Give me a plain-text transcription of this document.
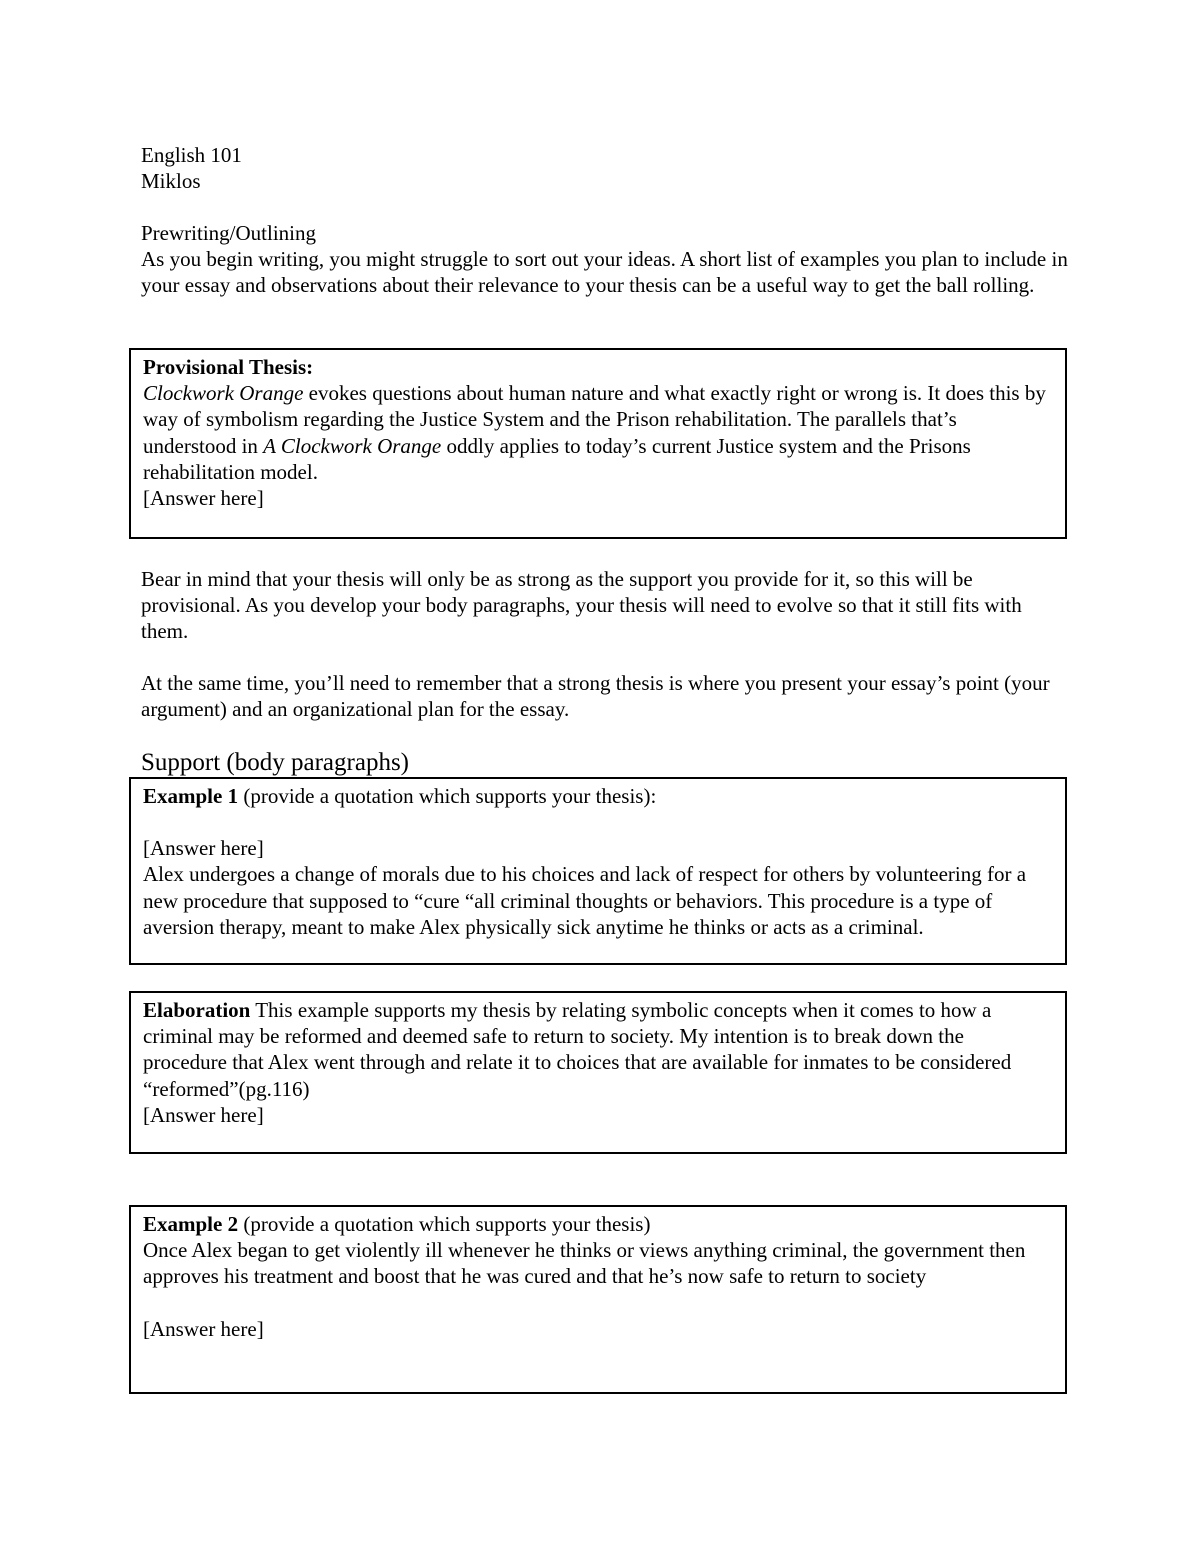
English 101
Miklos
Prewriting/Outlining
As you begin writing, you might struggle to sort out your ideas. A short list of examples you plan to include in your essay and observations about their relevance to your thesis can be a useful way to get the ball rolling.

Provisional Thesis:
Clockwork Orange evokes questions about human nature and what exactly right or wrong is. It does this by way of symbolism regarding the Justice System and the Prison rehabilitation. The parallels that’s understood in A Clockwork Orange oddly applies to today’s current Justice system and the Prisons rehabilitation model.

[Answer here]

Bear in mind that your thesis will only be as strong as the support you provide for it, so this will be provisional. As you develop your body paragraphs, your thesis will need to evolve so that it still fits with them.
At the same time, you’ll need to remember that a strong thesis is where you present your essay’s point (your argument) and an organizational plan for the essay.
Support (body paragraphs)

Example 1 (provide a quotation which supports your thesis):

[Answer here]

Alex undergoes a change of morals due to his choices and lack of respect for others by volunteering for a new procedure that supposed to “cure “all criminal thoughts or behaviors. This procedure is a type of aversion therapy, meant to make Alex physically sick anytime he thinks or acts as a criminal.

Elaboration This example supports my thesis by relating symbolic concepts when it comes to how a criminal may be reformed and deemed safe to return to society. My intention is to break down the procedure that Alex went through and relate it to choices that are available for inmates to be considered “reformed”(pg.116)

[Answer here]

Example 2 (provide a quotation which supports your thesis)

Once Alex began to get violently ill whenever he thinks or views anything criminal, the government then approves his treatment and boost that he was cured and that he’s now safe to return to society

[Answer here]
